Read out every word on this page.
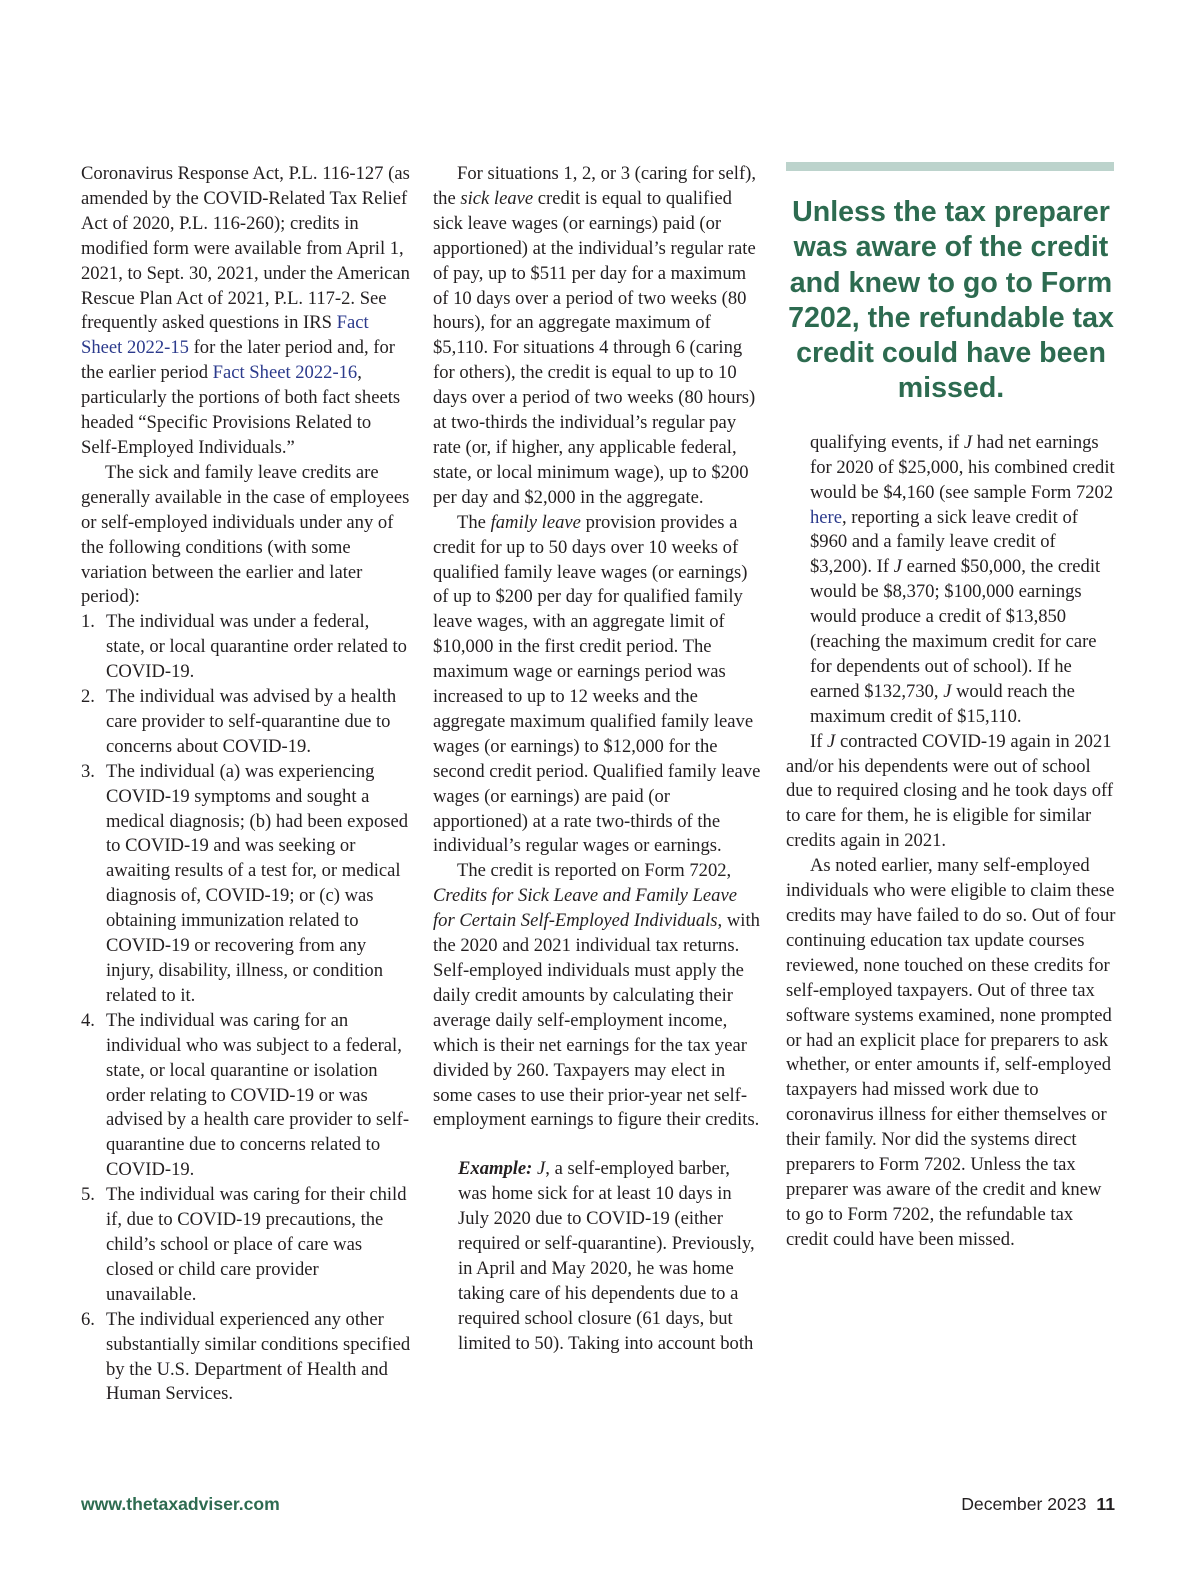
Coronavirus Response Act, P.L. 116-127 (as amended by the COVID-Related Tax Relief Act of 2020, P.L. 116-260); credits in modified form were available from April 1, 2021, to Sept. 30, 2021, under the American Rescue Plan Act of 2021, P.L. 117-2. See frequently asked questions in IRS Fact Sheet 2022-15 for the later period and, for the earlier period Fact Sheet 2022-16, particularly the portions of both fact sheets headed “Specific Provisions Related to Self-Employed Individuals.”

The sick and family leave credits are generally available in the case of employees or self-employed individuals under any of the following conditions (with some variation between the earlier and later period):

1. The individual was under a federal, state, or local quarantine order related to COVID-19.
2. The individual was advised by a health care provider to self-quarantine due to concerns about COVID-19.
3. The individual (a) was experiencing COVID-19 symptoms and sought a medical diagnosis; (b) had been exposed to COVID-19 and was seeking or awaiting results of a test for, or medical diagnosis of, COVID-19; or (c) was obtaining immunization related to COVID-19 or recovering from any injury, disability, illness, or condition related to it.
4. The individual was caring for an individual who was subject to a federal, state, or local quarantine or isolation order relating to COVID-19 or was advised by a health care provider to self-quarantine due to concerns related to COVID-19.
5. The individual was caring for their child if, due to COVID-19 precautions, the child’s school or place of care was closed or child care provider unavailable.
6. The individual experienced any other substantially similar conditions specified by the U.S. Department of Health and Human Services.

For situations 1, 2, or 3 (caring for self), the sick leave credit is equal to qualified sick leave wages (or earnings) paid (or apportioned) at the individual’s regular rate of pay, up to $511 per day for a maximum of 10 days over a period of two weeks (80 hours), for an aggregate maximum of $5,110. For situations 4 through 6 (caring for others), the credit is equal to up to 10 days over a period of two weeks (80 hours) at two-thirds the individual’s regular pay rate (or, if higher, any applicable federal, state, or local minimum wage), up to $200 per day and $2,000 in the aggregate.

The family leave provision provides a credit for up to 50 days over 10 weeks of qualified family leave wages (or earnings) of up to $200 per day for qualified family leave wages, with an aggregate limit of $10,000 in the first credit period. The maximum wage or earnings period was increased to up to 12 weeks and the aggregate maximum qualified family leave wages (or earnings) to $12,000 for the second credit period. Qualified family leave wages (or earnings) are paid (or apportioned) at a rate two-thirds of the individual’s regular wages or earnings.

The credit is reported on Form 7202, Credits for Sick Leave and Family Leave for Certain Self-Employed Individuals, with the 2020 and 2021 individual tax returns. Self-employed individuals must apply the daily credit amounts by calculating their average daily self-employment income, which is their net earnings for the tax year divided by 260. Taxpayers may elect in some cases to use their prior-year net self-employment earnings to figure their credits.

Example: J, a self-employed barber, was home sick for at least 10 days in July 2020 due to COVID-19 (either required or self-quarantine). Previously, in April and May 2020, he was home taking care of his dependents due to a required school closure (61 days, but limited to 50). Taking into account both

Unless the tax preparer was aware of the credit and knew to go to Form 7202, the refundable tax credit could have been missed.

qualifying events, if J had net earnings for 2020 of $25,000, his combined credit would be $4,160 (see sample Form 7202 here, reporting a sick leave credit of $960 and a family leave credit of $3,200). If J earned $50,000, the credit would be $8,370; $100,000 earnings would produce a credit of $13,850 (reaching the maximum credit for care for dependents out of school). If he earned $132,730, J would reach the maximum credit of $15,110.

If J contracted COVID-19 again in 2021 and/or his dependents were out of school due to required closing and he took days off to care for them, he is eligible for similar credits again in 2021.

As noted earlier, many self-employed individuals who were eligible to claim these credits may have failed to do so. Out of four continuing education tax update courses reviewed, none touched on these credits for self-employed taxpayers. Out of three tax software systems examined, none prompted or had an explicit place for preparers to ask whether, or enter amounts if, self-employed taxpayers had missed work due to coronavirus illness for either themselves or their family. Nor did the systems direct preparers to Form 7202. Unless the tax preparer was aware of the credit and knew to go to Form 7202, the refundable tax credit could have been missed.

www.thetaxadviser.com	December 2023 11
